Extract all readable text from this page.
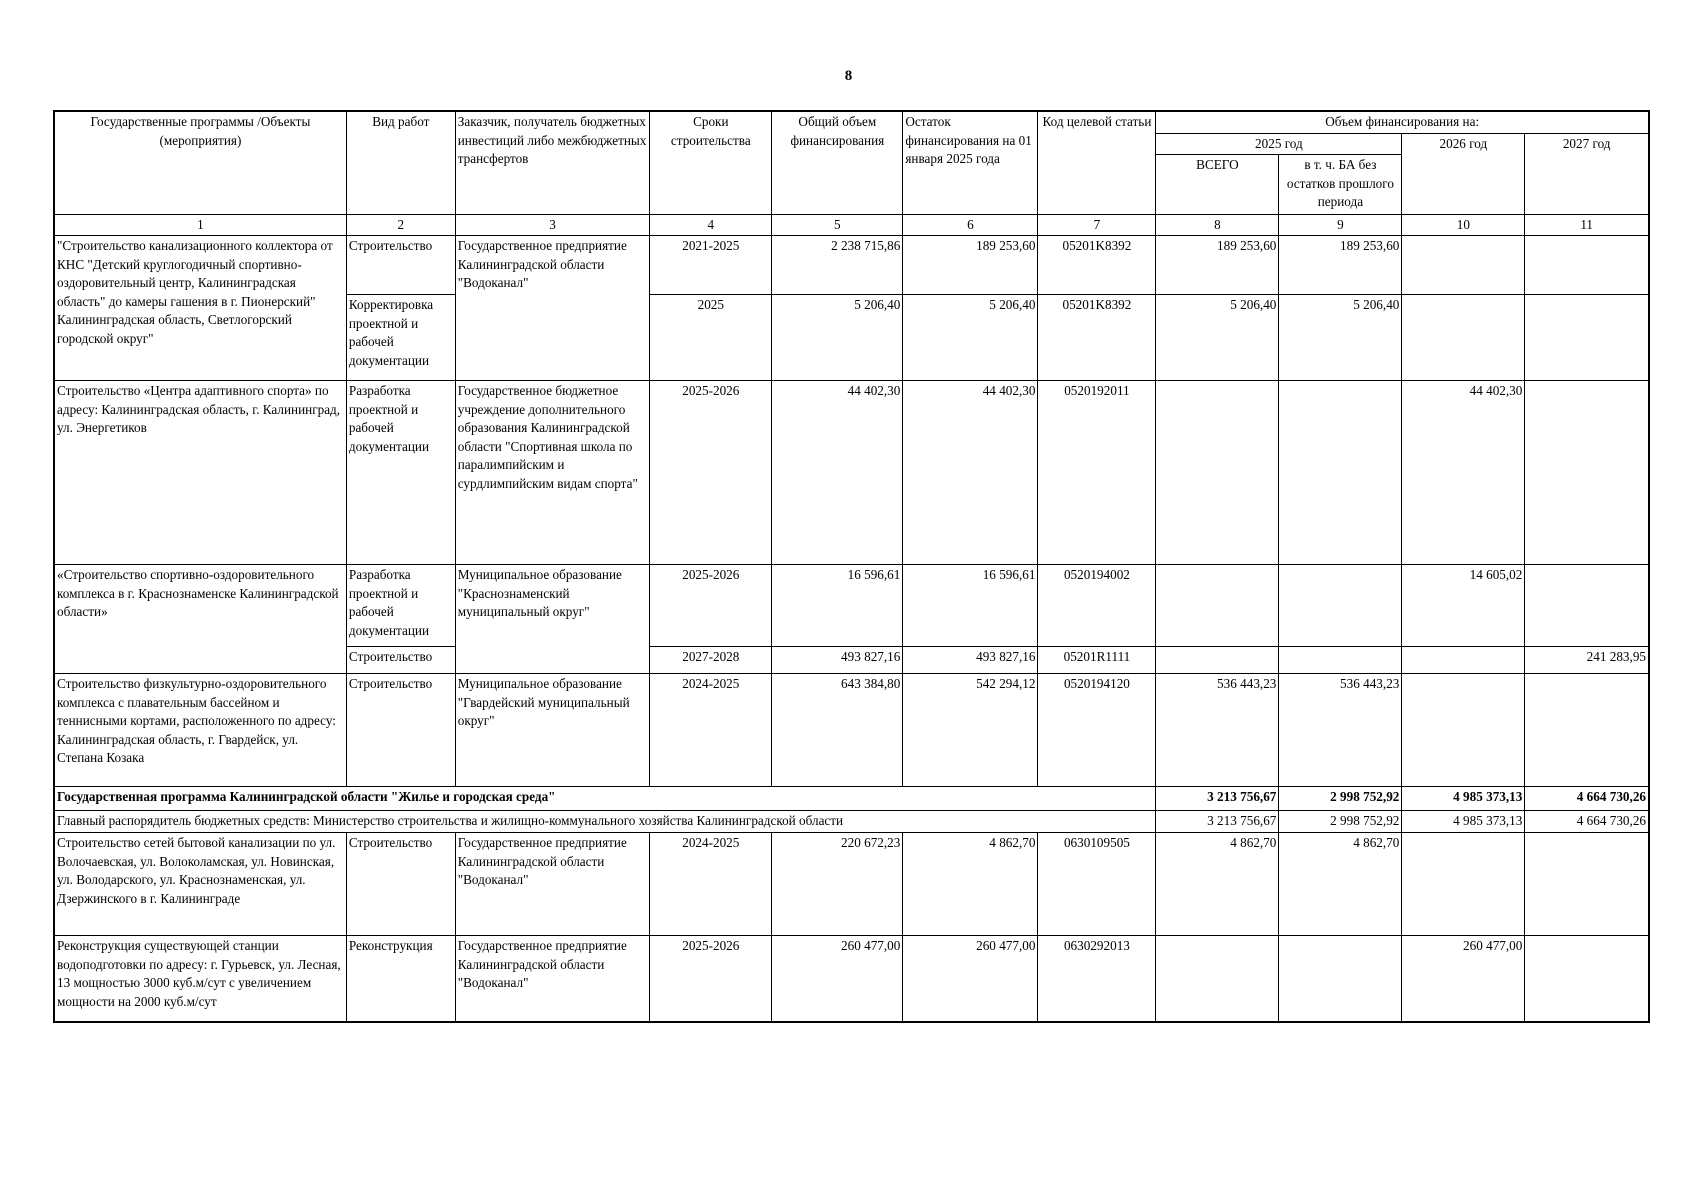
8
Государственные программы /Объекты (мероприятия)	Вид работ	Заказчик, получатель бюджетных инвестиций либо межбюджетных трансфертов	Сроки строительства	Общий объем финансирования	Остаток финансирования на 01 января 2025 года	Код целевой статьи	Объем финансирования на:			
							2025 год		2026 год	2027 год
							ВСЕГО	в т. ч. БА без остатков прошлого периода		
1	2	3	4	5	6	7	8	9	10	11
"Строительство канализационного коллектора от КНС "Детский круглогодичный спортивно-оздоровительный центр, Калининградская область" до камеры гашения в г. Пионерский" Калининградская область, Светлогорский городской округ"	Строительство	Государственное предприятие Калининградской области "Водоканал"	2021-2025	2 238 715,86	189 253,60	05201K8392	189 253,60	189 253,60		
	Корректировка проектной и рабочей документации		2025	5 206,40	5 206,40	05201K8392	5 206,40	5 206,40		
Строительство «Центра адаптивного спорта» по адресу: Калининградская область, г. Калининград, ул. Энергетиков	Разработка проектной и рабочей документации	Государственное бюджетное учреждение дополнительного образования Калининградской области "Спортивная школа по паралимпийским и сурдлимпийским видам спорта"	2025-2026	44 402,30	44 402,30	0520192011			44 402,30	
«Строительство спортивно-оздоровительного комплекса в г. Краснознаменске Калининградской области»	Разработка проектной и рабочей документации	Муниципальное образование "Краснознаменский муниципальный округ"	2025-2026	16 596,61	16 596,61	0520194002			14 605,02	
	Строительство		2027-2028	493 827,16	493 827,16	05201R1111				241 283,95
Строительство физкультурно-оздоровительного комплекса с плавательным бассейном и теннисными кортами, расположенного по адресу: Калининградская область, г. Гвардейск, ул. Степана Козака	Строительство	Муниципальное образование "Гвардейский муниципальный округ"	2024-2025	643 384,80	542 294,12	0520194120	536 443,23	536 443,23		
Государственная программа Калининградской области "Жилье и городская среда"							3 213 756,67	2 998 752,92	4 985 373,13	4 664 730,26
Главный распорядитель бюджетных средств: Министерство строительства и жилищно-коммунального хозяйства Калининградской области							3 213 756,67	2 998 752,92	4 985 373,13	4 664 730,26
Строительство сетей бытовой канализации по ул. Волочаевская, ул. Волоколамская, ул. Новинская, ул. Володарского, ул. Краснознаменская, ул. Дзержинского в г. Калининграде	Строительство	Государственное предприятие Калининградской области "Водоканал"	2024-2025	220 672,23	4 862,70	0630109505	4 862,70	4 862,70		
Реконструкция существующей станции водоподготовки по адресу: г. Гурьевск, ул. Лесная, 13 мощностью 3000 куб.м/сут с увеличением мощности на 2000 куб.м/сут	Реконструкция	Государственное предприятие Калининградской области "Водоканал"	2025-2026	260 477,00	260 477,00	0630292013			260 477,00	
